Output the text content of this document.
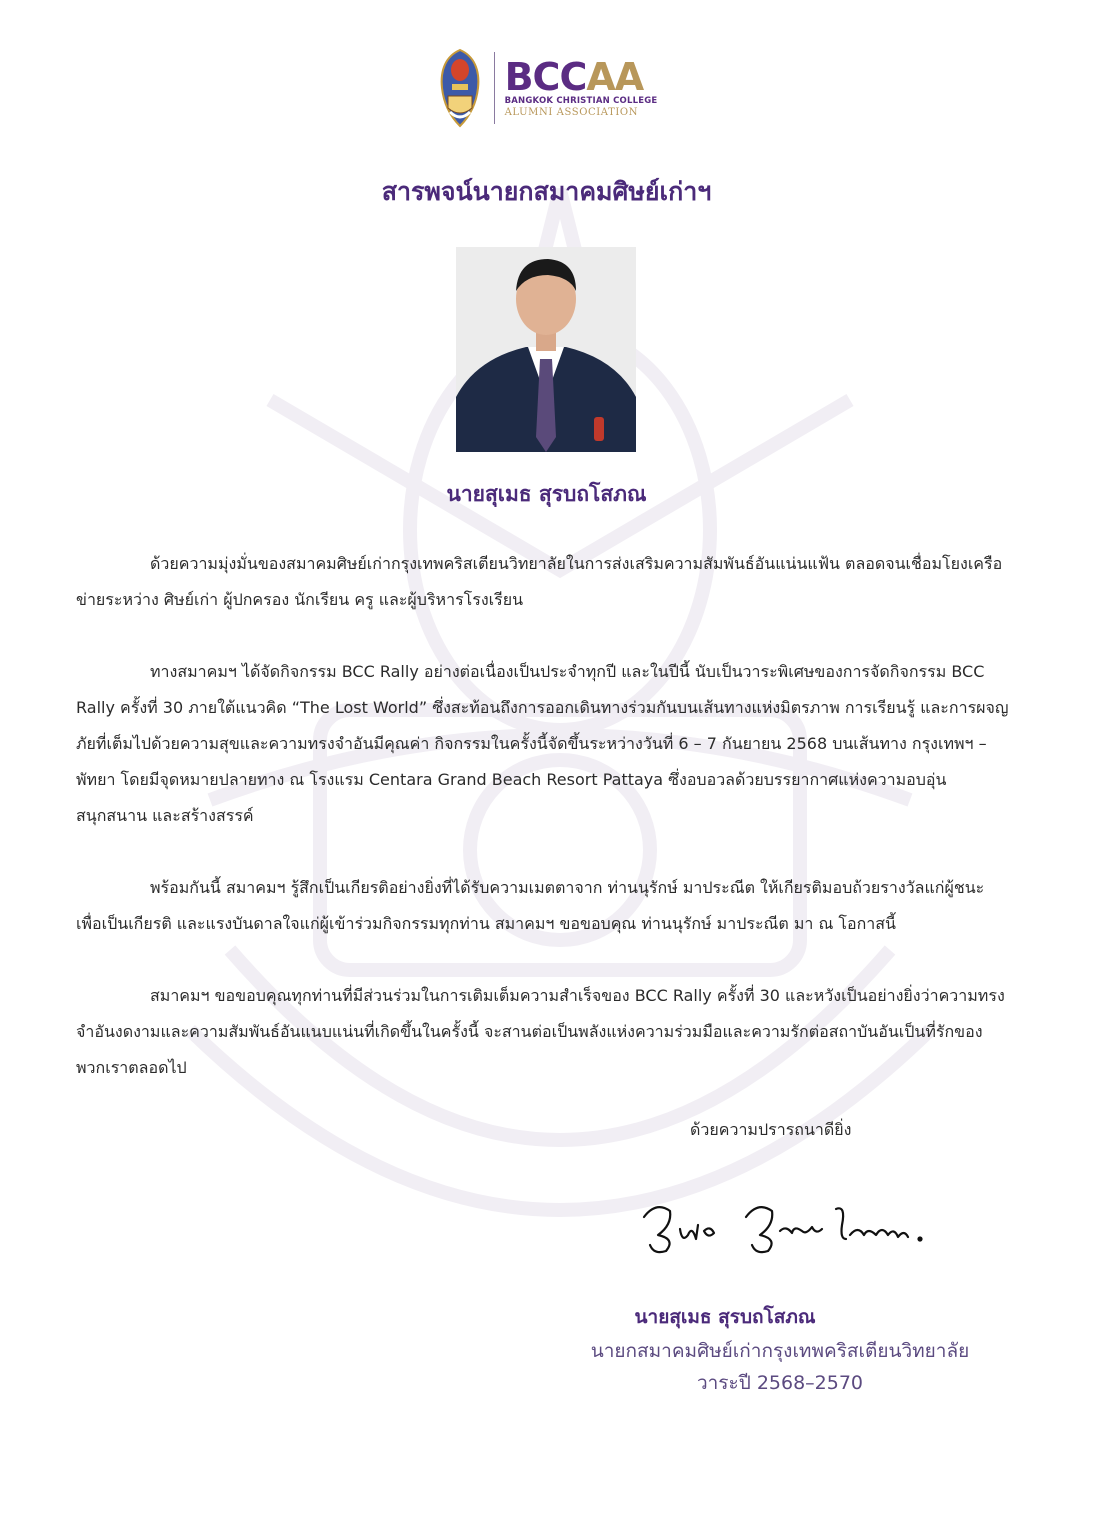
BCCAA
BANGKOK CHRISTIAN COLLEGE
ALUMNI ASSOCIATION
สารพจน์นายกสมาคมศิษย์เก่าฯ
นายสุเมธ สุรบถโสภณ

ด้วยความมุ่งมั่นของสมาคมศิษย์เก่ากรุงเทพคริสเตียนวิทยาลัยในการส่งเสริมความสัมพันธ์อันแน่นแฟ้น ตลอดจนเชื่อมโยงเครือข่ายระหว่าง ศิษย์เก่า ผู้ปกครอง นักเรียน ครู และผู้บริหารโรงเรียน

ทางสมาคมฯ ได้จัดกิจกรรม BCC Rally อย่างต่อเนื่องเป็นประจำทุกปี และในปีนี้ นับเป็นวาระพิเศษของการจัดกิจกรรม BCC Rally ครั้งที่ 30 ภายใต้แนวคิด “The Lost World” ซึ่งสะท้อนถึงการออกเดินทางร่วมกันบนเส้นทางแห่งมิตรภาพ การเรียนรู้ และการผจญภัยที่เต็มไปด้วยความสุขและความทรงจำอันมีคุณค่า กิจกรรมในครั้งนี้จัดขึ้นระหว่างวันที่ 6 – 7 กันยายน 2568 บนเส้นทาง กรุงเทพฯ – พัทยา โดยมีจุดหมายปลายทาง ณ โรงแรม Centara Grand Beach Resort Pattaya ซึ่งอบอวลด้วยบรรยากาศแห่งความอบอุ่น สนุกสนาน และสร้างสรรค์

พร้อมกันนี้ สมาคมฯ รู้สึกเป็นเกียรติอย่างยิ่งที่ได้รับความเมตตาจาก ท่านนุรักษ์ มาประณีต ให้เกียรติมอบถ้วยรางวัลแก่ผู้ชนะ เพื่อเป็นเกียรติ และแรงบันดาลใจแก่ผู้เข้าร่วมกิจกรรมทุกท่าน สมาคมฯ ขอขอบคุณ ท่านนุรักษ์ มาประณีต มา ณ โอกาสนี้

สมาคมฯ ขอขอบคุณทุกท่านที่มีส่วนร่วมในการเติมเต็มความสำเร็จของ BCC Rally ครั้งที่ 30 และหวังเป็นอย่างยิ่งว่าความทรงจำอันงดงามและความสัมพันธ์อันแนบแน่นที่เกิดขึ้นในครั้งนี้ จะสานต่อเป็นพลังแห่งความร่วมมือและความรักต่อสถาบันอันเป็นที่รักของพวกเราตลอดไป

ด้วยความปรารถนาดียิ่ง
นายสุเมธ สุรบถโสภณ
นายกสมาคมศิษย์เก่ากรุงเทพคริสเตียนวิทยาลัย
วาระปี 2568–2570
